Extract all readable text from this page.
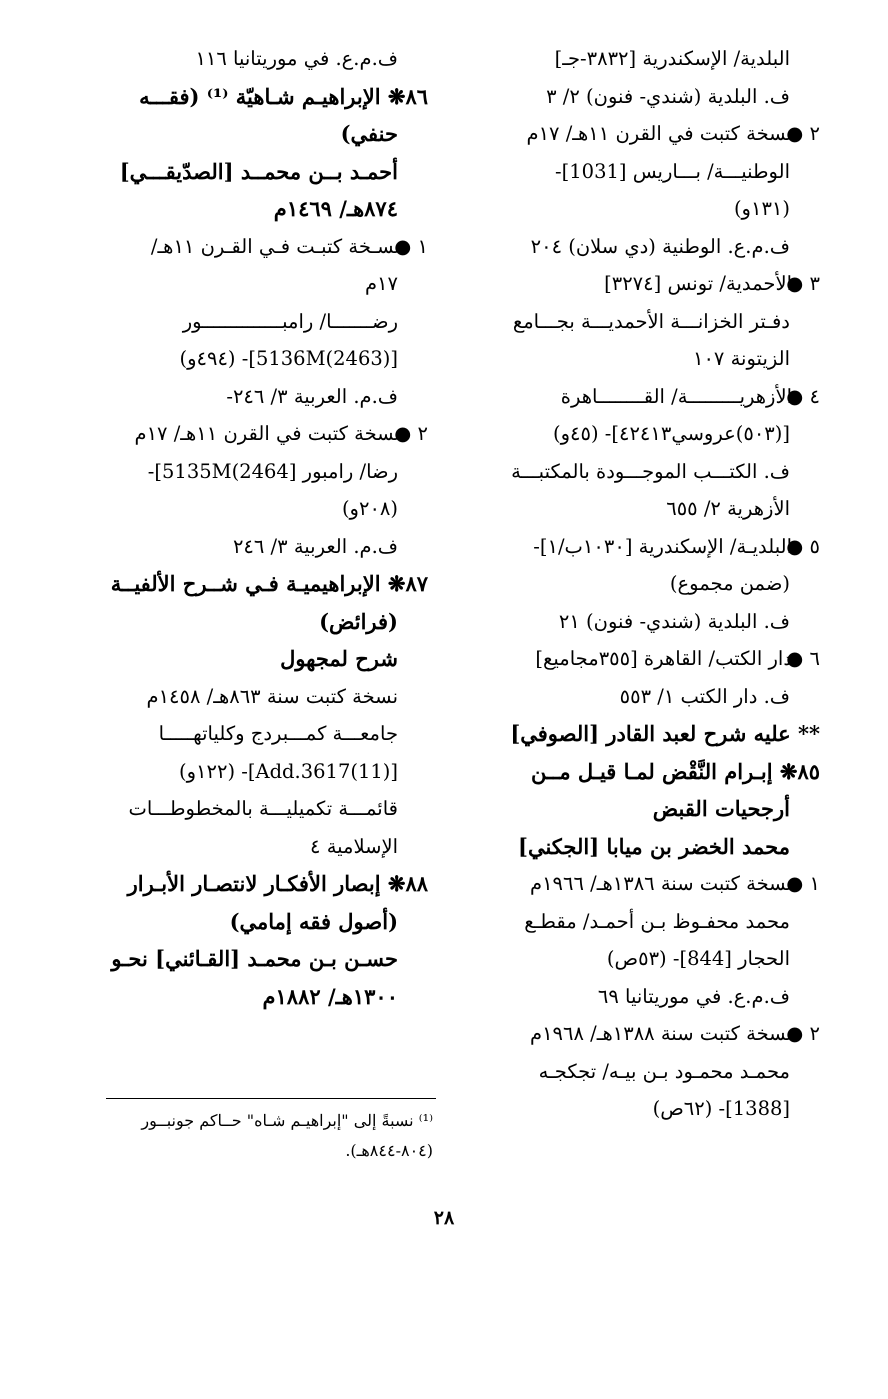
البلدية/ الإسكندرية [٣٨٣٢-جـ]
ف. البلدية (شندي- فنون) ٢/ ٣
٢ ●نسخة كتبت في القرن ١١هـ/ ١٧م
الوطنيـــة/ بـــاريس [1031]-
(١٣١و)
ف.م.ع. الوطنية (دي سلان) ٢٠٤
٣ ●الأحمدية/ تونس [٣٢٧٤]
دفـتر الخزانـــة الأحمديـــة بجـــامع
الزيتونة ١٠٧
٤ ●الأزهريـــــــــة/ القــــــــاهرة
[(٥٠٣)عروسي٤٢٤١٣]- (٤٥و)
ف. الكتـــب الموجـــودة بالمكتبـــة
الأزهرية ٢/ ٦٥٥
٥ ●البلديـة/ الإسكندرية [١٠٣٠ب/١]-
(ضمن مجموع)
ف. البلدية (شندي- فنون) ٢١
٦ ●دار الكتب/ القاهرة [٣٥٥مجاميع]
ف. دار الكتب ١/ ٥٥٣
** عليه شرح لعبد القادر [الصوفي]
٨٥❋ إبـرام النَّقْض لمـا قيـل مــن
أرجحيات القبض
محمد الخضر بن ميابا [الجكني]
١ ●نسخة كتبت سنة ١٣٨٦هـ/ ١٩٦٦م
محمد محفـوظ بـن أحمـد/ مقطـع
الحجار [844]- (٥٣ص)
ف.م.ع. في موريتانيا ٦٩
٢ ●نسخة كتبت سنة ١٣٨٨هـ/ ١٩٦٨م
محمـد محمـود بـن بيـه/ تجكجـه
[1388]- (٦٢ص)
ف.م.ع. في موريتانيا ١١٦
٨٦❋ الإبراهيـم شـاهيّة ⁽¹⁾ (فقـــه
حنفي)
أحمـد بــن محمــد [الصدّيقـــي]
٨٧٤هـ/ ١٤٦٩م
١ ●نسـخة كتبـت فـي القـرن ١١هـ/
١٧م
رضـــــــا/ رامبــــــــــــــور
[(2463)5136M]- (٤٩٤و)
ف.م. العربية ٣/ ٢٤٦-
٢ ●نسخة كتبت في القرن ١١هـ/ ١٧م
رضا/ رامبور [2464)5135M]-
(٢٠٨و)
ف.م. العربية ٣/ ٢٤٦
٨٧❋ الإبراهيميـة فـي شــرح الألفيــة
(فرائض)
شرح لمجهول
نسخة كتبت سنة ٨٦٣هـ/ ١٤٥٨م
جامعـــة كمـــبردج وكلياتهـــــا
[Add.3617(11)]- (١٢٢و)
قائمـــة تكميليـــة بالمخطوطـــات
الإسلامية ٤
٨٨❋ إبصار الأفكـار لانتصـار الأبـرار
(أصول فقه إمامي)
حسـن بـن محمـد [القـائني] نحـو
١٣٠٠هـ/ ١٨٨٢م
⁽¹⁾ نسبةً إلى "إبراهيـم شـاه" حــاكم جونبــور
(٨٠٤-٨٤٤هـ).
٢٨
